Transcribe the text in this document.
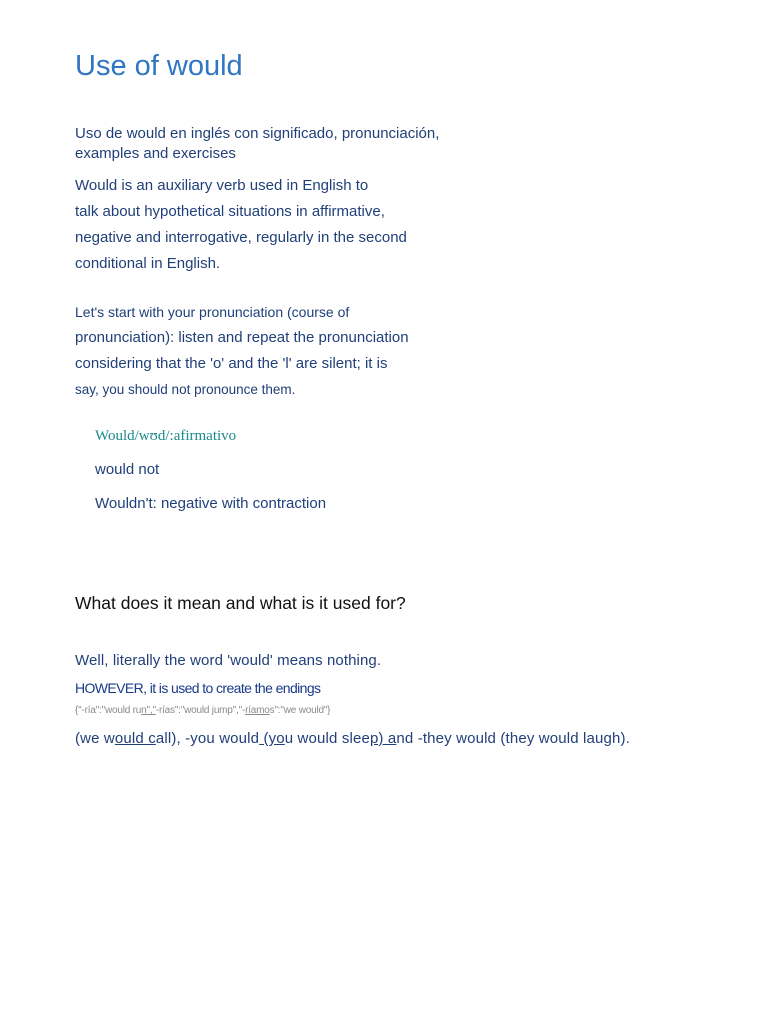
Use of would
Uso de would en inglés con significado, pronunciación, examples and exercises
Would is an auxiliary verb used in English to
talk about hypothetical situations in affirmative,
negative and interrogative, regularly in the second
conditional in English.
Let's start with your pronunciation (course of
pronunciation): listen and repeat the pronunciation
considering that the 'o' and the 'l' are silent; it is
say, you should not pronounce them.
Would/wʊd/:afirmativo
would not
Wouldn't: negative with contraction
What does it mean and what is it used for?
Well, literally the word 'would' means nothing.
HOWEVER, it is used to create the endings
{"-ría":"would run","-rías":"would jump","-ríamos":"we would"}
(we would call), -you would (you would sleep) and -they would (they would laugh).
